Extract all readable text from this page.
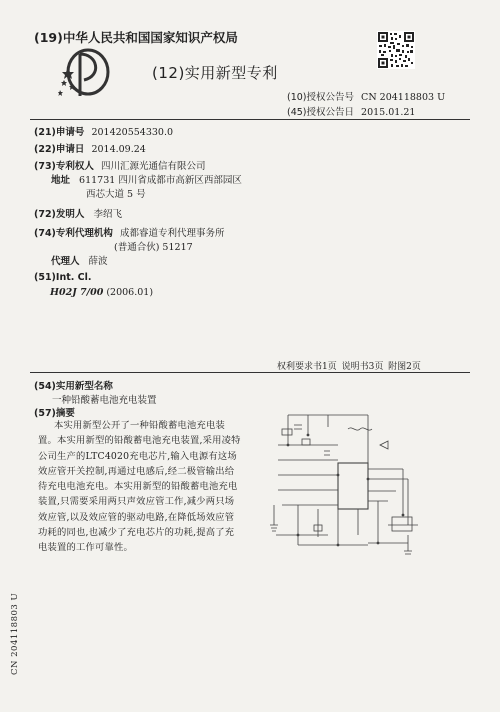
(19)中华人民共和国国家知识产权局
(12)实用新型专利
(10)授权公告号 CN 204118803 U
(45)授权公告日 2015.01.21
(21)申请号 201420554330.0
(22)申请日 2014.09.24
(73)专利权人 四川汇源光通信有限公司
地址 611731 四川省成都市高新区西部园区
西芯大道 5 号
(72)发明人 李绍飞
(74)专利代理机构 成都睿道专利代理事务所
(普通合伙) 51217
代理人 薛波
(51)Int. Cl.
H02J 7/00 (2006.01)
权利要求书1页 说明书3页 附图2页
(54)实用新型名称
一种铅酸蓄电池充电装置
(57)摘要
本实用新型公开了一种铅酸蓄电池充电装置。本实用新型的铅酸蓄电池充电装置,采用凌特公司生产的LTC4020充电芯片,输入电源有这场效应管开关控制,再通过电感后,经二极管输出给待充电电池充电。本实用新型的铅酸蓄电池充电装置,只需要采用两只声效应管工作,减少两只场效应管,以及效应管的驱动电路,在降低场效应管功耗的同也,也减少了充电芯片的功耗,提高了充电装置的工作可靠性。
CN 204118803 U
